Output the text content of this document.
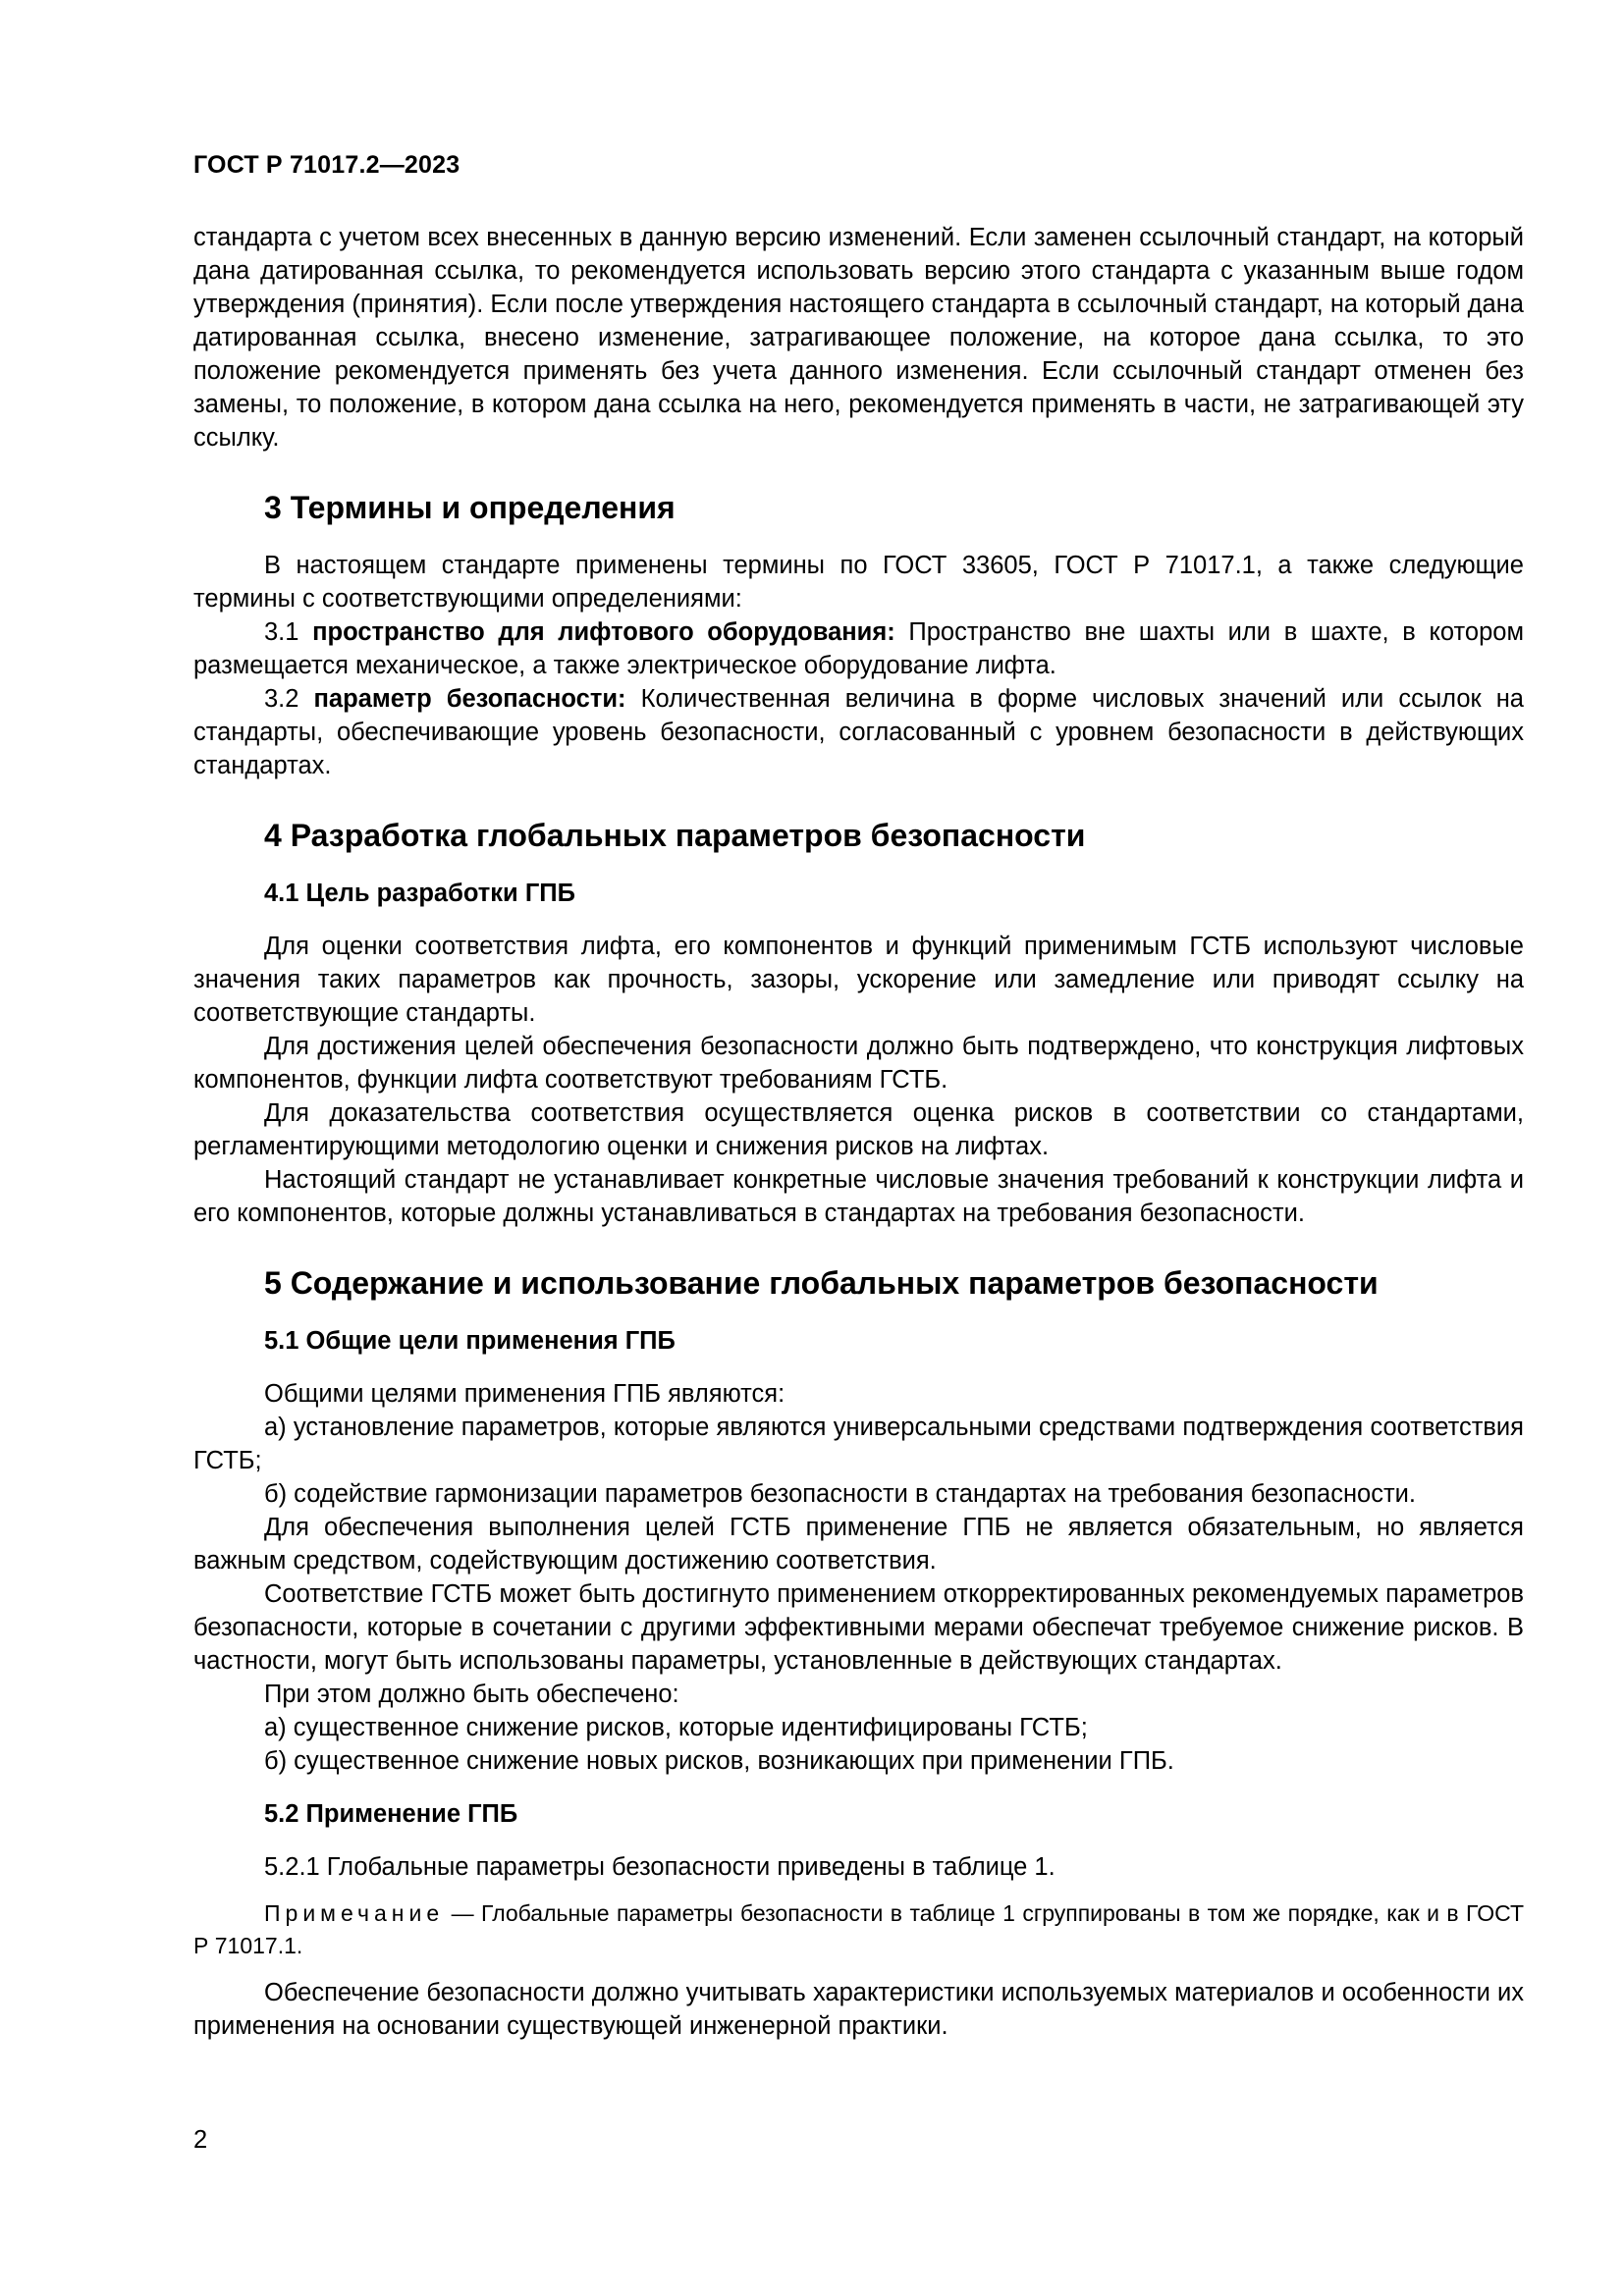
ГОСТ Р 71017.2—2023

стандарта с учетом всех внесенных в данную версию изменений. Если заменен ссылочный стандарт, на который дана датированная ссылка, то рекомендуется использовать версию этого стандарта с указанным выше годом утверждения (принятия). Если после утверждения настоящего стандарта в ссылочный стандарт, на который дана датированная ссылка, внесено изменение, затрагивающее положение, на которое дана ссылка, то это положение рекомендуется применять без учета данного изменения. Если ссылочный стандарт отменен без замены, то положение, в котором дана ссылка на него, рекомендуется применять в части, не затрагивающей эту ссылку.

3 Термины и определения

В настоящем стандарте применены термины по ГОСТ 33605, ГОСТ Р 71017.1, а также следующие термины с соответствующими определениями:

3.1 пространство для лифтового оборудования: Пространство вне шахты или в шахте, в котором размещается механическое, а также электрическое оборудование лифта.

3.2 параметр безопасности: Количественная величина в форме числовых значений или ссылок на стандарты, обеспечивающие уровень безопасности, согласованный с уровнем безопасности в действующих стандартах.

4 Разработка глобальных параметров безопасности
4.1 Цель разработки ГПБ

Для оценки соответствия лифта, его компонентов и функций применимым ГСТБ используют числовые значения таких параметров как прочность, зазоры, ускорение или замедление или приводят ссылку на соответствующие стандарты.

Для достижения целей обеспечения безопасности должно быть подтверждено, что конструкция лифтовых компонентов, функции лифта соответствуют требованиям ГСТБ.

Для доказательства соответствия осуществляется оценка рисков в соответствии со стандартами, регламентирующими методологию оценки и снижения рисков на лифтах.

Настоящий стандарт не устанавливает конкретные числовые значения требований к конструкции лифта и его компонентов, которые должны устанавливаться в стандартах на требования безопасности.

5 Содержание и использование глобальных параметров безопасности
5.1 Общие цели применения ГПБ

Общими целями применения ГПБ являются:

а) установление параметров, которые являются универсальными средствами подтверждения соответствия ГСТБ;

б) содействие гармонизации параметров безопасности в стандартах на требования безопасности.

Для обеспечения выполнения целей ГСТБ применение ГПБ не является обязательным, но является важным средством, содействующим достижению соответствия.

Соответствие ГСТБ может быть достигнуто применением откорректированных рекомендуемых параметров безопасности, которые в сочетании с другими эффективными мерами обеспечат требуемое снижение рисков. В частности, могут быть использованы параметры, установленные в действующих стандартах.

При этом должно быть обеспечено:

а) существенное снижение рисков, которые идентифицированы ГСТБ;

б) существенное снижение новых рисков, возникающих при применении ГПБ.

5.2 Применение ГПБ

5.2.1 Глобальные параметры безопасности приведены в таблице 1.

Примечание — Глобальные параметры безопасности в таблице 1 сгруппированы в том же порядке, как и в ГОСТ Р 71017.1.

Обеспечение безопасности должно учитывать характеристики используемых материалов и особенности их применения на основании существующей инженерной практики.

2
